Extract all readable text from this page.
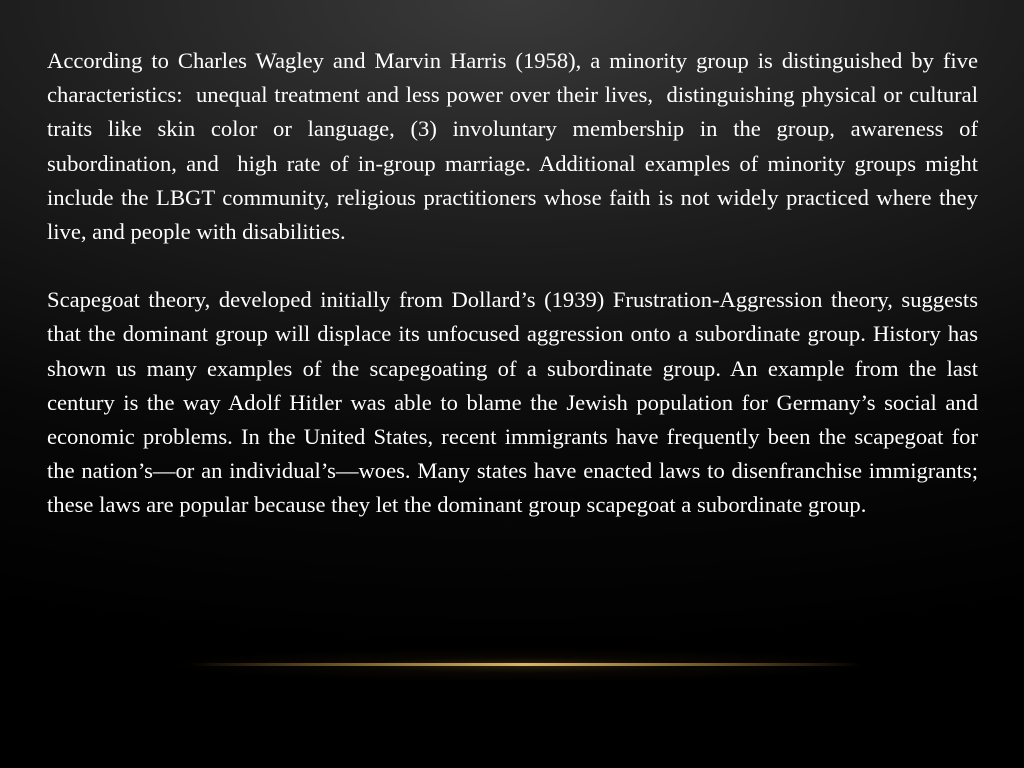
According to Charles Wagley and Marvin Harris (1958), a minority group is distinguished by five characteristics:  unequal treatment and less power over their lives,  distinguishing physical or cultural traits like skin color or language, (3) involuntary membership in the group, awareness of subordination, and  high rate of in-group marriage. Additional examples of minority groups might include the LBGT community, religious practitioners whose faith is not widely practiced where they live, and people with disabilities.

Scapegoat theory, developed initially from Dollard’s (1939) Frustration-Aggression theory, suggests that the dominant group will displace its unfocused aggression onto a subordinate group. History has shown us many examples of the scapegoating of a subordinate group. An example from the last century is the way Adolf Hitler was able to blame the Jewish population for Germany’s social and economic problems. In the United States, recent immigrants have frequently been the scapegoat for the nation’s—or an individual’s—woes. Many states have enacted laws to disenfranchise immigrants; these laws are popular because they let the dominant group scapegoat a subordinate group.
